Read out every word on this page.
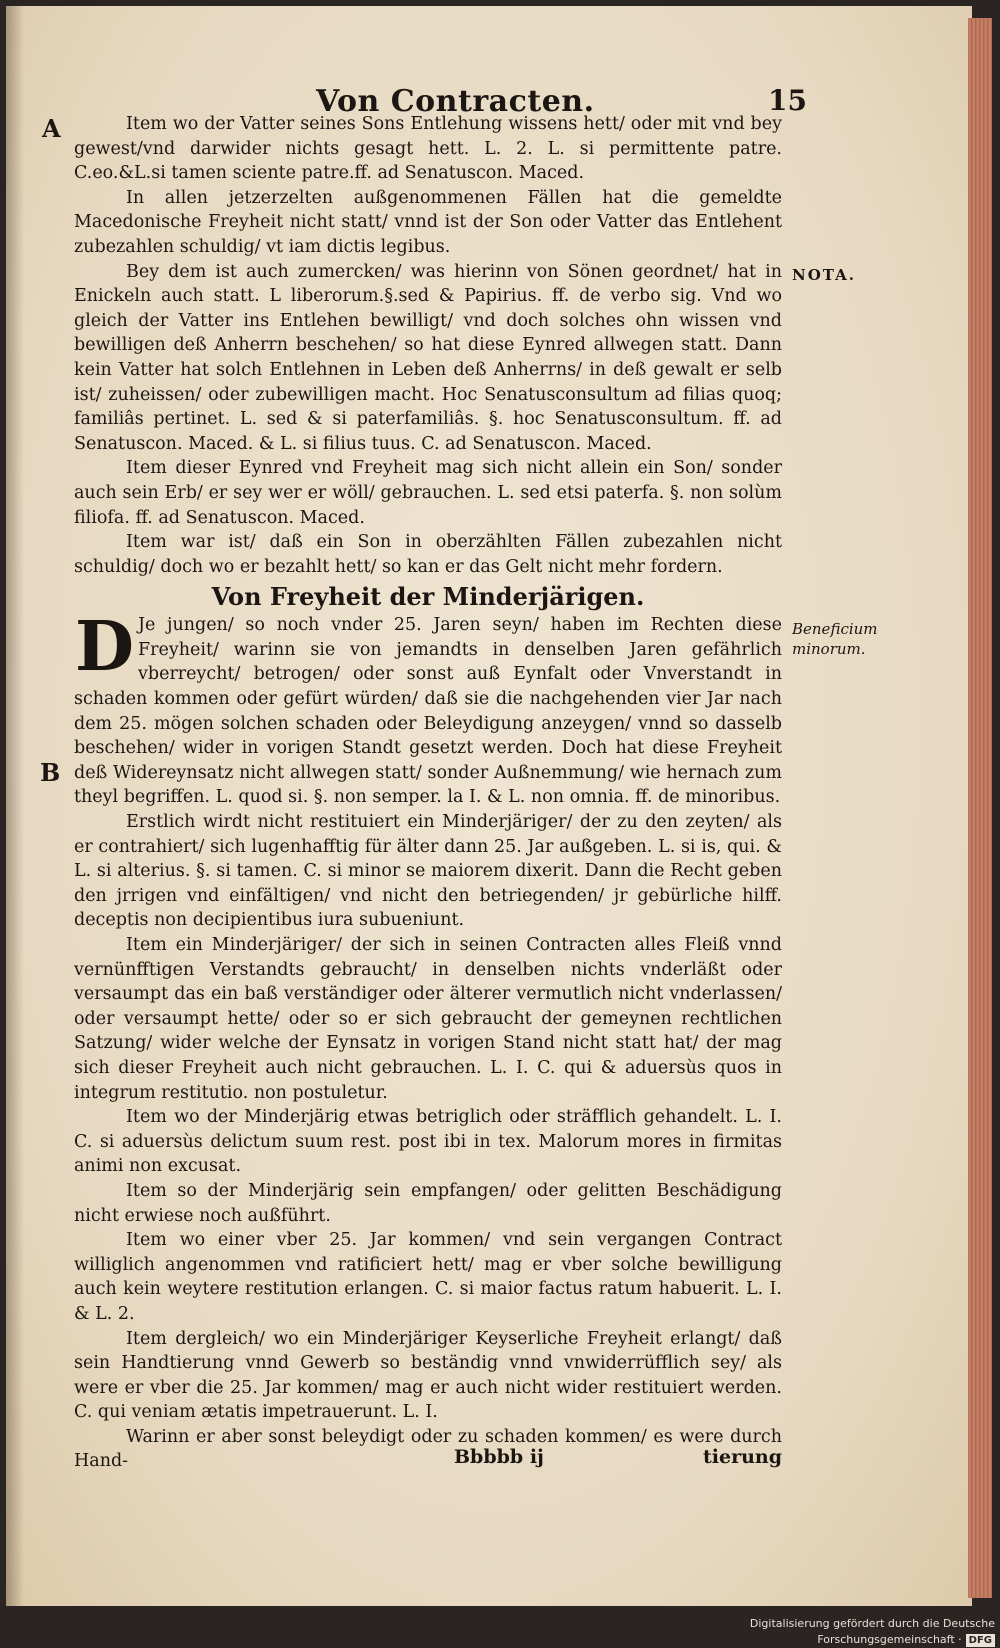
Von Contracten.	15
A
NOTA.
Beneficium
minorum.
B

Item wo der Vatter seines Sons Entlehung wissens hett/ oder mit vnd bey gewest/vnd darwider nichts gesagt hett. L. 2. L. si permittente patre. C.eo.&L.si tamen sciente patre.ff. ad Senatuscon. Maced.

In allen jetzerzelten außgenommenen Fällen hat die gemeldte Macedonische Freyheit nicht statt/ vnnd ist der Son oder Vatter das Entlehent zubezahlen schuldig/ vt iam dictis legibus.

Bey dem ist auch zumercken/ was hierinn von Sönen geordnet/ hat in Enickeln auch statt. L liberorum.§.sed & Papirius. ff. de verbo sig. Vnd wo gleich der Vatter ins Entlehen bewilligt/ vnd doch solches ohn wissen vnd bewilligen deß Anherrn beschehen/ so hat diese Eynred allwegen statt. Dann kein Vatter hat solch Entlehnen in Leben deß Anherrns/ in deß gewalt er selb ist/ zuheissen/ oder zubewilligen macht. Hoc Senatusconsultum ad filias quoq; familiâs pertinet. L. sed & si paterfamiliâs. §. hoc Senatusconsultum. ff. ad Senatuscon. Maced. & L. si filius tuus. C. ad Senatuscon. Maced.

Item dieser Eynred vnd Freyheit mag sich nicht allein ein Son/ sonder auch sein Erb/ er sey wer er wöll/ gebrauchen. L. sed etsi paterfa. §. non solùm filiofa. ff. ad Senatuscon. Maced.

Item war ist/ daß ein Son in oberzählten Fällen zubezahlen nicht schuldig/ doch wo er bezahlt hett/ so kan er das Gelt nicht mehr fordern.

Von Freyheit der Minderjärigen.

D Je jungen/ so noch vnder 25. Jaren seyn/ haben im Rechten diese Freyheit/ warinn sie von jemandts in denselben Jaren gefährlich vberreycht/ betrogen/ oder sonst auß Eynfalt oder Vnverstandt in schaden kommen oder gefürt würden/ daß sie die nachgehenden vier Jar nach dem 25. mögen solchen schaden oder Beleydigung anzeygen/ vnnd so dasselb beschehen/ wider in vorigen Standt gesetzt werden. Doch hat diese Freyheit deß Widereynsatz nicht allwegen statt/ sonder Außnemmung/ wie hernach zum theyl begriffen. L. quod si. §. non semper. la I. & L. non omnia. ff. de minoribus.

Erstlich wirdt nicht restituiert ein Minderjäriger/ der zu den zeyten/ als er contrahiert/ sich lugenhafftig für älter dann 25. Jar außgeben. L. si is, qui. & L. si alterius. §. si tamen. C. si minor se maiorem dixerit. Dann die Recht geben den jrrigen vnd einfältigen/ vnd nicht den betriegenden/ jr gebürliche hilff. deceptis non decipientibus iura subueniunt.

Item ein Minderjäriger/ der sich in seinen Contracten alles Fleiß vnnd vernünfftigen Verstandts gebraucht/ in denselben nichts vnderläßt oder versaumpt das ein baß verständiger oder älterer vermutlich nicht vnderlassen/ oder versaumpt hette/ oder so er sich gebraucht der gemeynen rechtlichen Satzung/ wider welche der Eynsatz in vorigen Stand nicht statt hat/ der mag sich dieser Freyheit auch nicht gebrauchen. L. I. C. qui & aduersùs quos in integrum restitutio. non postuletur.

Item wo der Minderjärig etwas betriglich oder sträfflich gehandelt. L. I. C. si aduersùs delictum suum rest. post ibi in tex. Malorum mores in firmitas animi non excusat.

Item so der Minderjärig sein empfangen/ oder gelitten Beschädigung nicht erwiese noch außführt.

Item wo einer vber 25. Jar kommen/ vnd sein vergangen Contract williglich angenommen vnd ratificiert hett/ mag er vber solche bewilligung auch kein weytere restitution erlangen. C. si maior factus ratum habuerit. L. I. & L. 2.

Item dergleich/ wo ein Minderjäriger Keyserliche Freyheit erlangt/ daß sein Handtierung vnnd Gewerb so beständig vnnd vnwiderrüfflich sey/ als were er vber die 25. Jar kommen/ mag er auch nicht wider restituiert werden. C. qui veniam ætatis impetrauerunt. L. I.

Warinn er aber sonst beleydigt oder zu schaden kommen/ es were durch Hand-	Bbbbb ij	tierung
Digitalisierung gefördert durch die Deutsche Forschungsgemeinschaft · DFG
